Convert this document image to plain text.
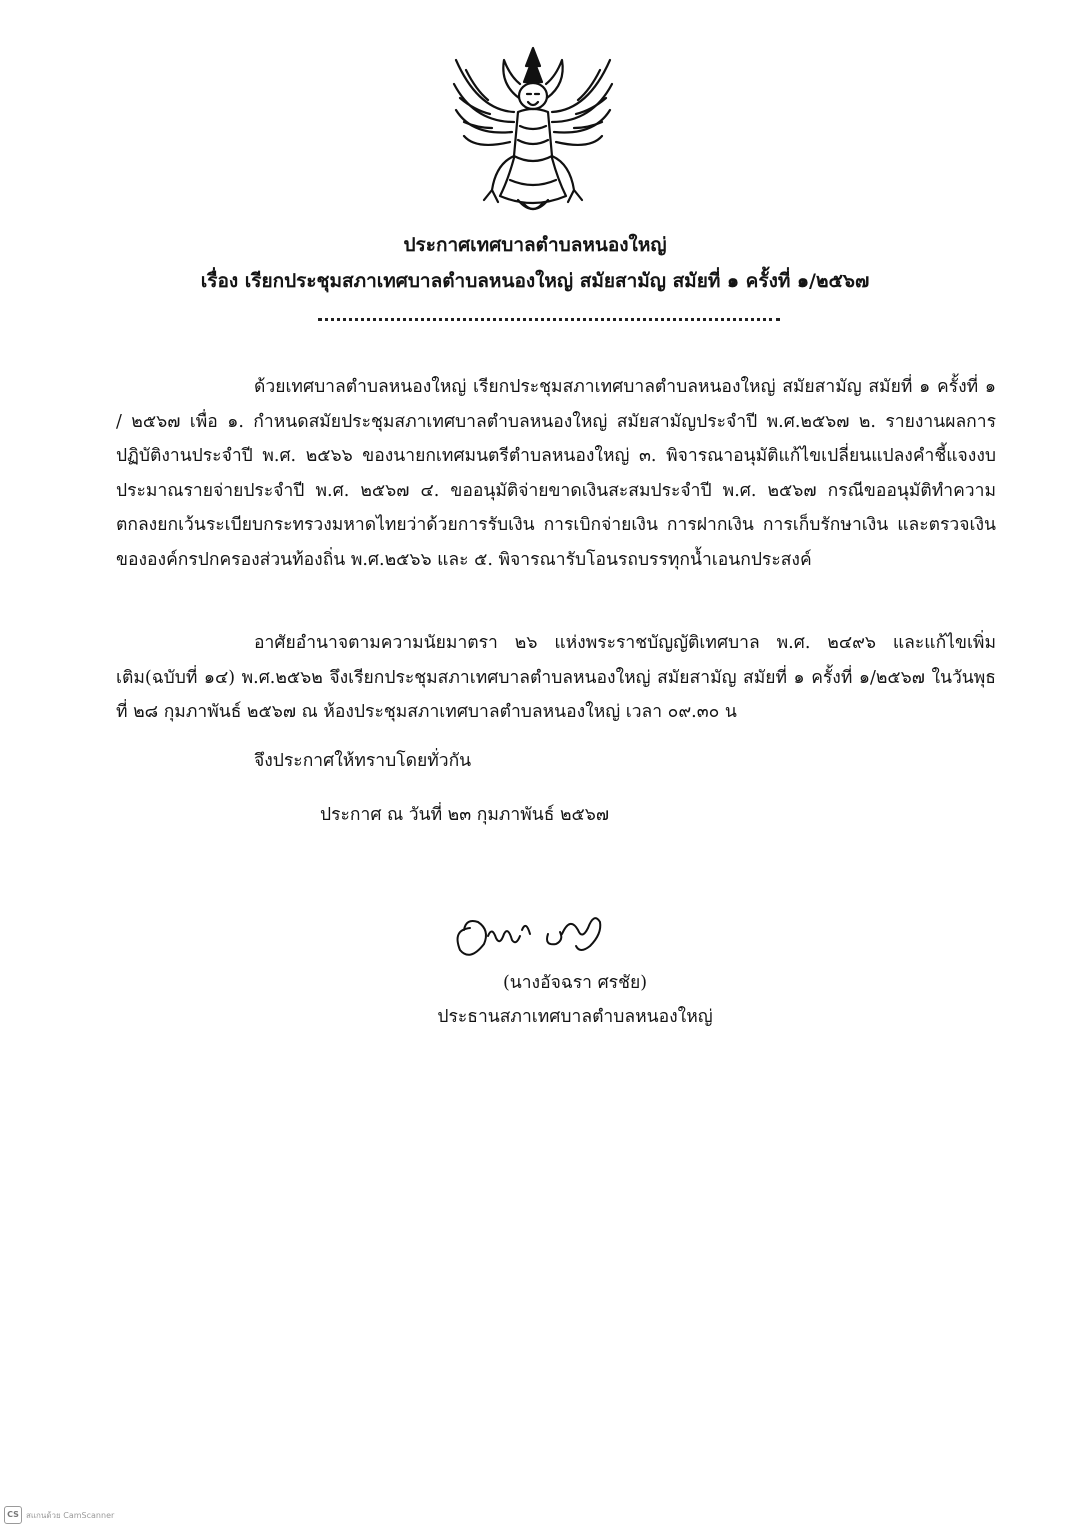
ประกาศเทศบาลตำบลหนองใหญ่
เรื่อง เรียกประชุมสภาเทศบาลตำบลหนองใหญ่ สมัยสามัญ สมัยที่ ๑ ครั้งที่ ๑/๒๕๖๗
ด้วยเทศบาลตำบลหนองใหญ่ เรียกประชุมสภาเทศบาลตำบลหนองใหญ่ สมัยสามัญ สมัยที่ ๑ ครั้งที่ ๑ / ๒๕๖๗ เพื่อ ๑. กำหนดสมัยประชุมสภาเทศบาลตำบลหนองใหญ่ สมัยสามัญประจำปี พ.ศ.๒๕๖๗ ๒. รายงานผลการปฏิบัติงานประจำปี พ.ศ. ๒๕๖๖ ของนายกเทศมนตรีตำบลหนองใหญ่ ๓. พิจารณาอนุมัติแก้ไขเปลี่ยนแปลงคำชี้แจงงบประมาณรายจ่ายประจำปี พ.ศ. ๒๕๖๗ ๔. ขออนุมัติจ่ายขาดเงินสะสมประจำปี พ.ศ. ๒๕๖๗ กรณีขออนุมัติทำความตกลงยกเว้นระเบียบกระทรวงมหาดไทยว่าด้วยการรับเงิน การเบิกจ่ายเงิน การฝากเงิน การเก็บรักษาเงิน และตรวจเงินขององค์กรปกครองส่วนท้องถิ่น พ.ศ.๒๕๖๖ และ ๕. พิจารณารับโอนรถบรรทุกน้ำเอนกประสงค์
อาศัยอำนาจตามความนัยมาตรา ๒๖ แห่งพระราชบัญญัติเทศบาล พ.ศ. ๒๔๙๖ และแก้ไขเพิ่มเติม(ฉบับที่ ๑๔) พ.ศ.๒๕๖๒ จึงเรียกประชุมสภาเทศบาลตำบลหนองใหญ่ สมัยสามัญ สมัยที่ ๑ ครั้งที่ ๑/๒๕๖๗ ในวันพุธที่ ๒๘ กุมภาพันธ์ ๒๕๖๗ ณ ห้องประชุมสภาเทศบาลตำบลหนองใหญ่ เวลา ๐๙.๓๐ น
จึงประกาศให้ทราบโดยทั่วกัน
ประกาศ ณ วันที่ ๒๓ กุมภาพันธ์ ๒๕๖๗
(นางอัจฉรา ศรชัย)
ประธานสภาเทศบาลตำบลหนองใหญ่
CS สแกนด้วย CamScanner
